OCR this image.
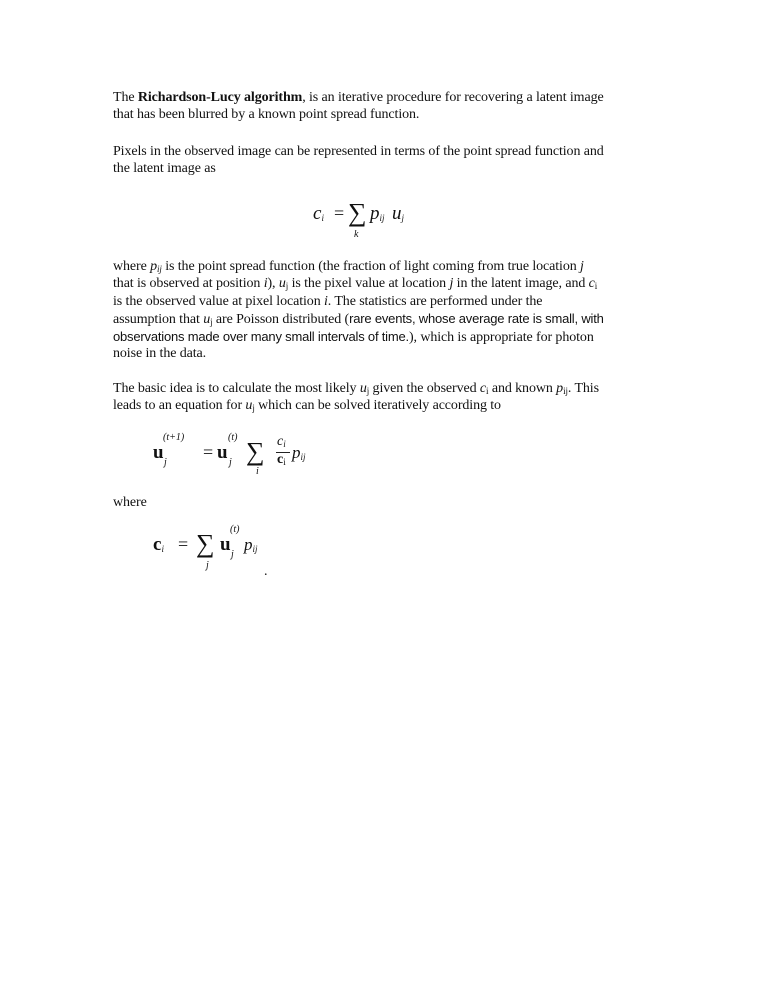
The Richardson-Lucy algorithm, is an iterative procedure for recovering a latent image
that has been blurred by a known point spread function.
Pixels in the observed image can be represented in terms of the point spread function and
the latent image as
$c_i$ = ∑
k
$p_{ij}$ $u_j$
where $p_{ij}$ is the point spread function (the fraction of light coming from true location j
that is observed at position i), $u_j$ is the pixel value at location j in the latent image, and $c_i$
is the observed value at pixel location i. The statistics are performed under the
assumption that $u_j$ are Poisson distributed (rare events, whose average rate is small, with
observations made over many small intervals of time.), which is appropriate for photon
noise in the data.
The basic idea is to calculate the most likely $u_j$ given the observed $c_i$ and known $p_{ij}$. This
leads to an equation for $u_j$ which can be solved iteratively according to
u
(t+1)
j
= u
(t)
j ∑
i
$c_i$
$c_i$ $p_{ij}$
where
$c_i$ = ∑
j
u
(t)
j
$p_{ij}$
.
